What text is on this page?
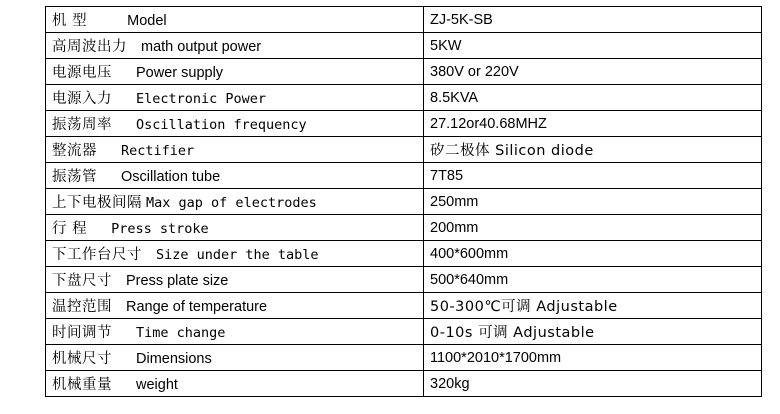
机 型 Model	ZJ-5K-SB
高周波出力 math output power	5KW
电源电压 Power supply	380V or 220V
电源入力 Electronic Power	8.5KVA
振荡周率 Oscillation frequency	27.12or40.68MHZ
整流器 Rectifier	矽二极体 Silicon diode
振荡管 Oscillation tube	7T85
上下电极间隔 Max gap of electrodes	250mm
行 程 Press stroke	200mm
下工作台尺寸 Size under the table	400*600mm
下盘尺寸 Press plate size	500*640mm
温控范围 Range of temperature	50-300℃可调 Adjustable
时间调节 Time change	0-10s 可调 Adjustable
机械尺寸 Dimensions	1100*2010*1700mm
机械重量 weight	320kg
